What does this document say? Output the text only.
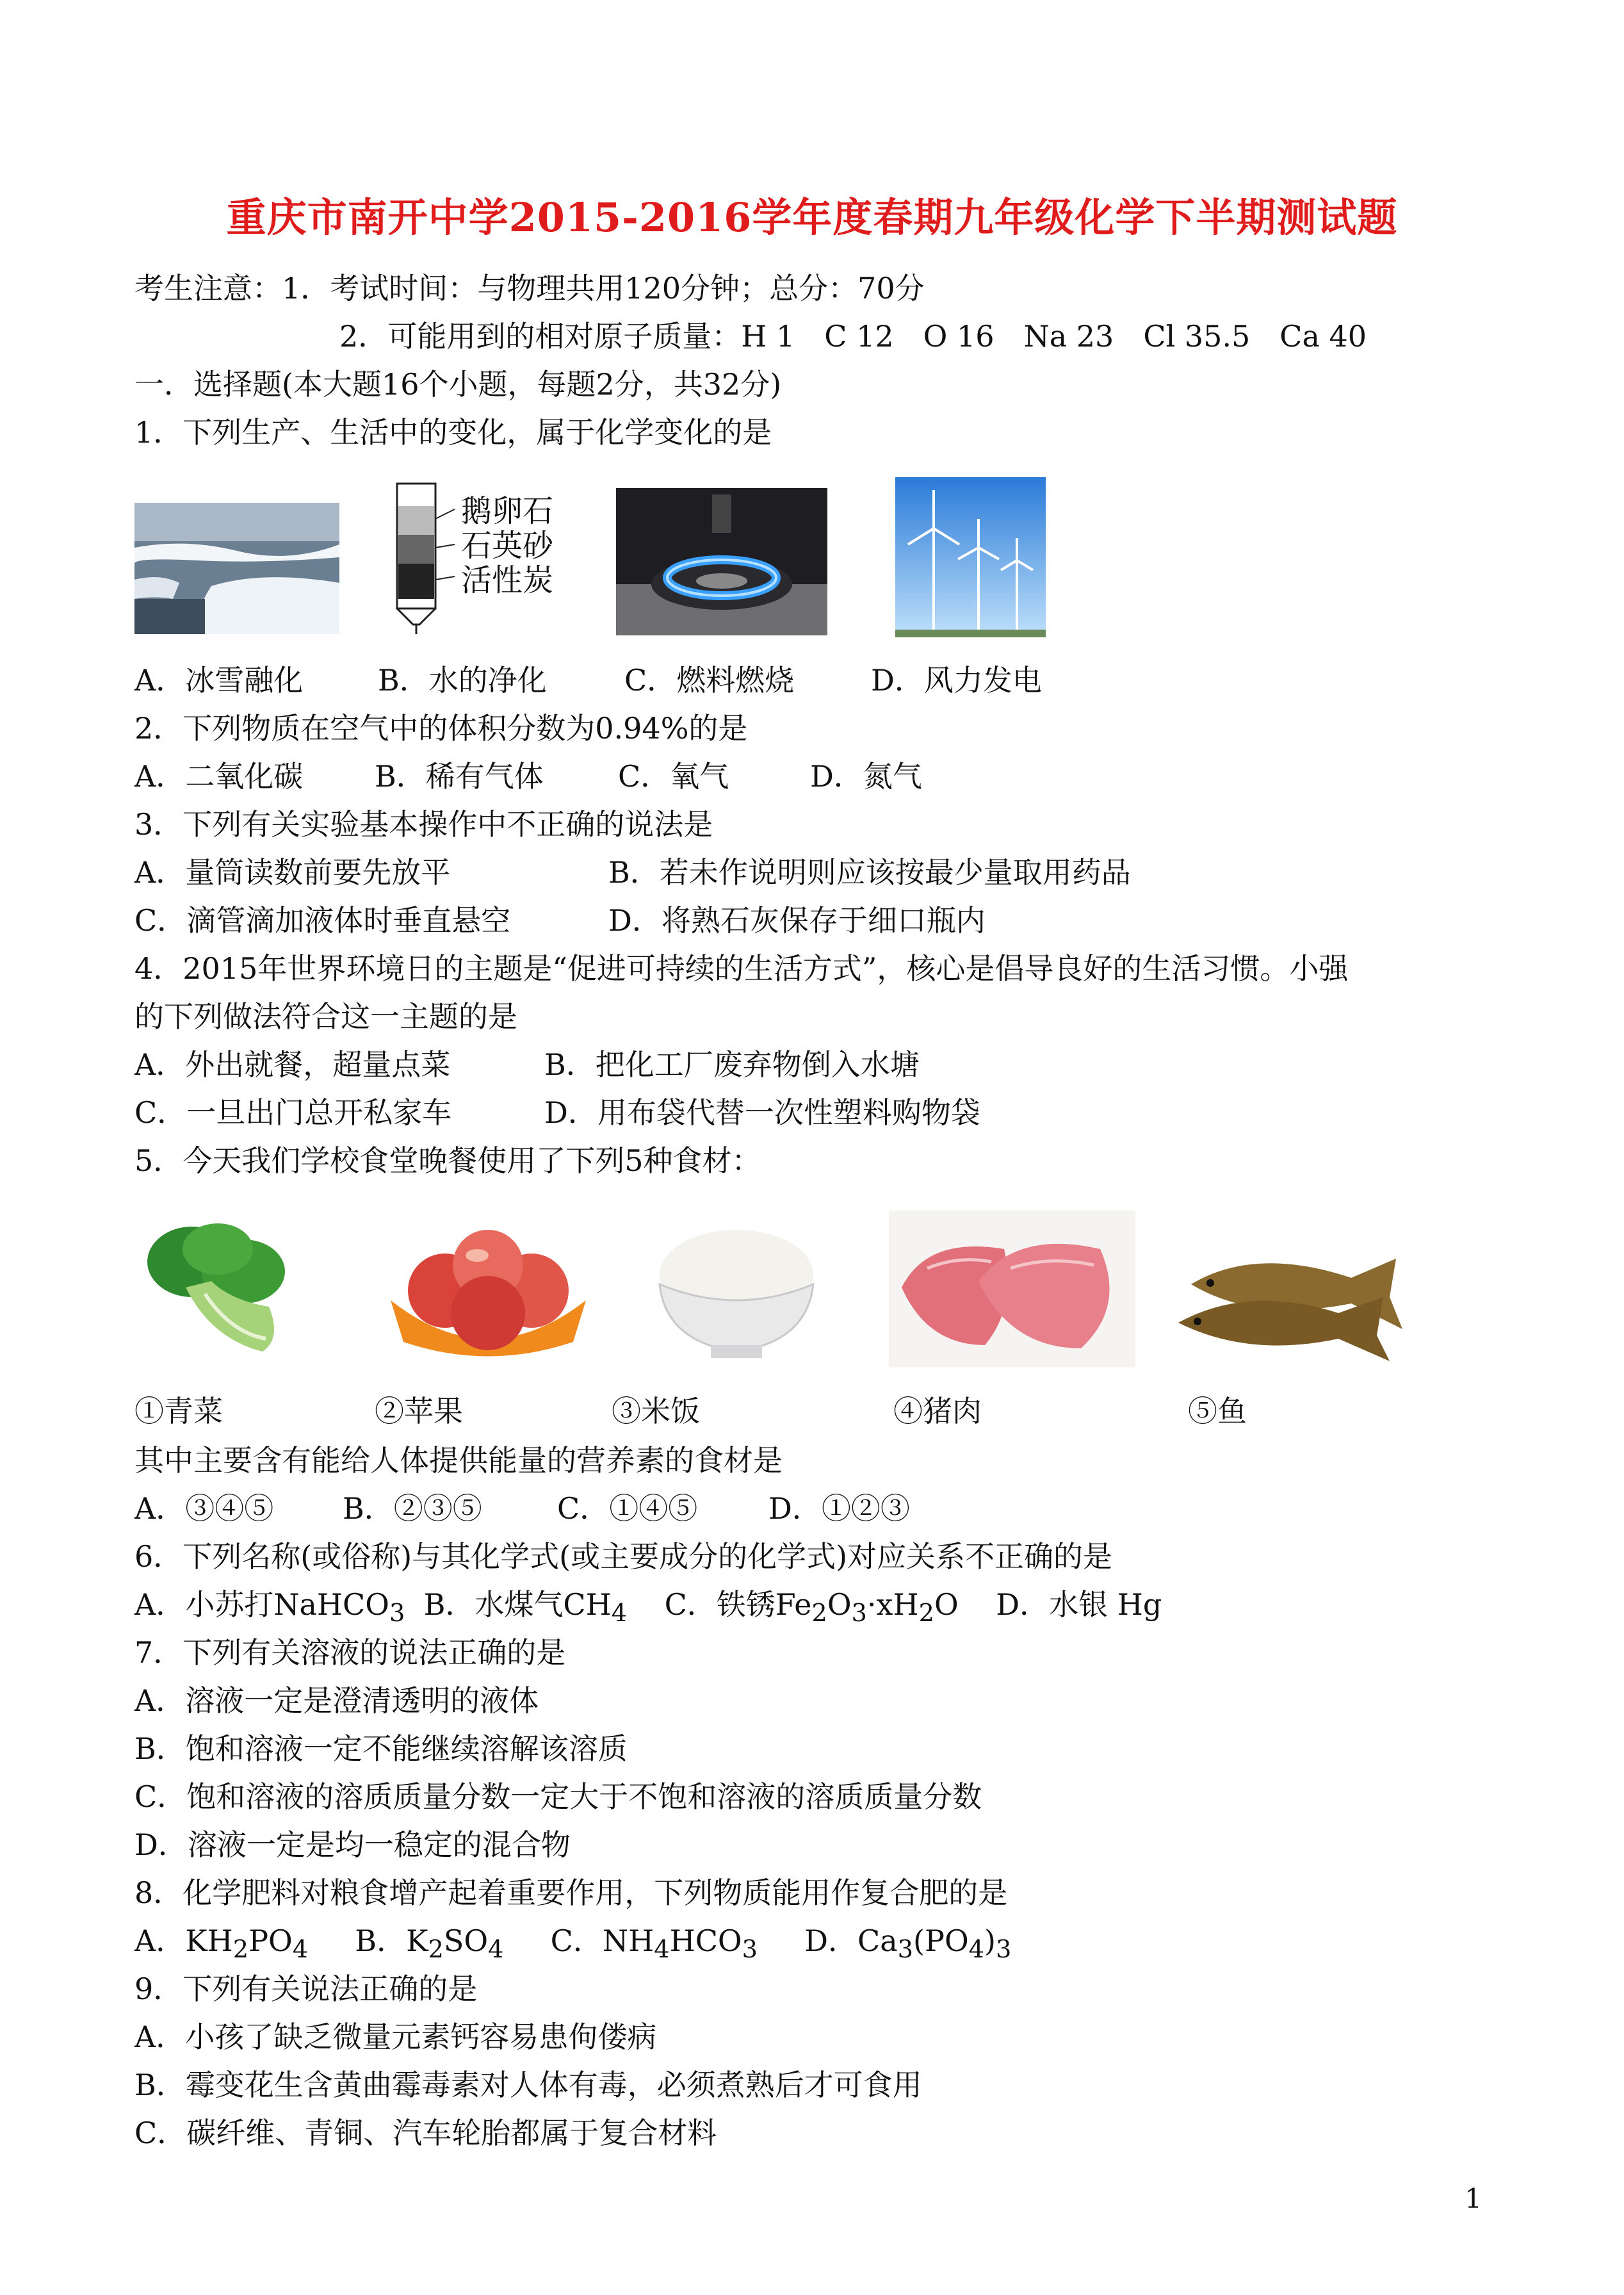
重庆市南开中学2015-2016学年度春期九年级化学下半期测试题
考生注意：1．考试时间：与物理共用120分钟；总分：70分
2．可能用到的相对原子质量：H 1　C 12　O 16　Na 23　Cl 35.5　Ca 40
一．选择题(本大题16个小题，每题2分，共32分)
1．下列生产、生活中的变化，属于化学变化的是
鹅卵石
石英砂
活性炭
A．冰雪融化	B．水的净化	C．燃料燃烧	D．风力发电
2．下列物质在空气中的体积分数为0.94%的是
A．二氧化碳 B．稀有气体	C．氧气	D．氮气
3．下列有关实验基本操作中不正确的说法是
A．量筒读数前要先放平	B．若未作说明则应该按最少量取用药品
C．滴管滴加液体时垂直悬空	D．将熟石灰保存于细口瓶内
4．2015年世界环境日的主题是“促进可持续的生活方式”，核心是倡导良好的生活习惯。小强
的下列做法符合这一主题的是
A．外出就餐，超量点菜	B．把化工厂废弃物倒入水塘
C．一旦出门总开私家车	D．用布袋代替一次性塑料购物袋
5．今天我们学校食堂晚餐使用了下列5种食材：
①青菜	②苹果	③米饭	④猪肉	⑤鱼
其中主要含有能给人体提供能量的营养素的食材是
A．③④⑤ B．②③⑤	C．①④⑤ D．①②③
6．下列名称(或俗称)与其化学式(或主要成分的化学式)对应关系不正确的是
A．小苏打NaHCO$_3$ B．水煤气$CH_4$ C．铁锈$Fe_2O_3\cdot xH_2O$ D．水银 Hg
7．下列有关溶液的说法正确的是
A．溶液一定是澄清透明的液体
B．饱和溶液一定不能继续溶解该溶质
C．饱和溶液的溶质质量分数一定大于不饱和溶液的溶质质量分数
D．溶液一定是均一稳定的混合物
8．化学肥料对粮食增产起着重要作用，下列物质能用作复合肥的是
A．$KH_2PO_4$ B．$K_2SO_4$ C．$NH_4HCO_3$ D．$Ca_3(PO_4)_3$
9．下列有关说法正确的是
A．小孩了缺乏微量元素钙容易患佝偻病
B．霉变花生含黄曲霉毒素对人体有毒，必须煮熟后才可食用
C．碳纤维、青铜、汽车轮胎都属于复合材料
1
